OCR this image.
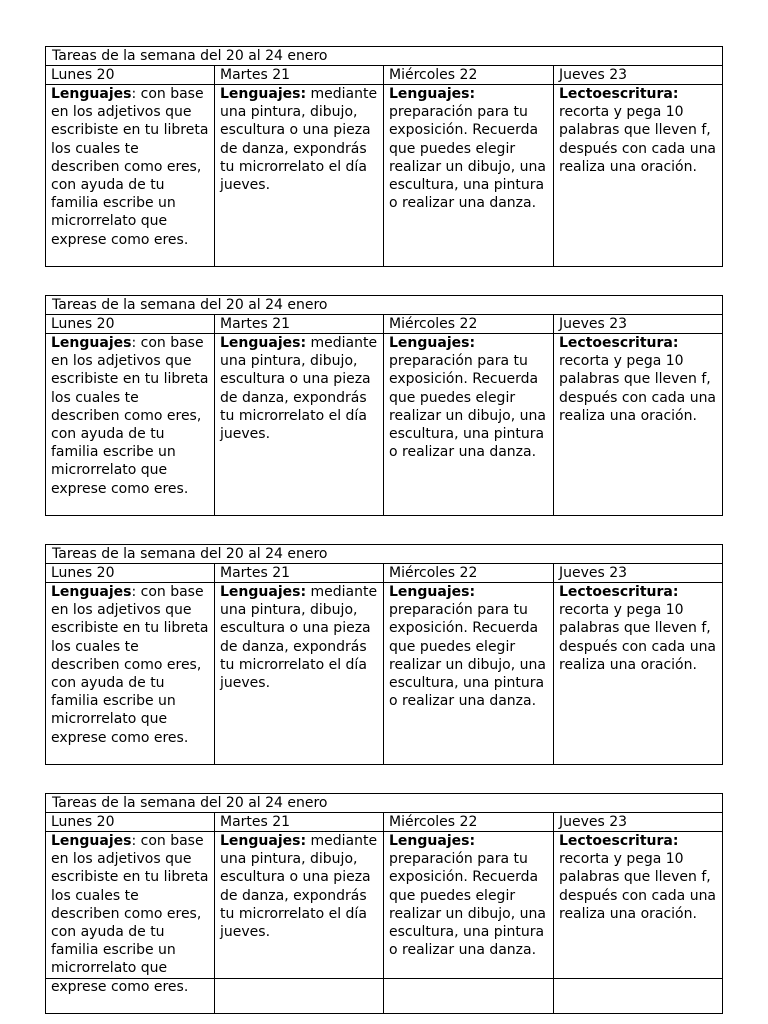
Tareas de la semana del 20 al 24 enero			
Lunes 20	Martes 21	Miércoles 22	Jueves 23
Lenguajes: con base en los adjetivos que escribiste en tu libreta los cuales te describen como eres, con ayuda de tu familia escribe un microrrelato que exprese como eres.	Lenguajes: mediante una pintura, dibujo, escultura o una pieza de danza, expondrás tu microrrelato el día jueves.	Lenguajes: preparación para tu exposición. Recuerda que puedes elegir realizar un dibujo, una escultura, una pintura o realizar una danza.	Lectoescritura: recorta y pega 10 palabras que lleven f, después con cada una realiza una oración.
Tareas de la semana del 20 al 24 enero			
Lunes 20	Martes 21	Miércoles 22	Jueves 23
Lenguajes: con base en los adjetivos que escribiste en tu libreta los cuales te describen como eres, con ayuda de tu familia escribe un microrrelato que exprese como eres.	Lenguajes: mediante una pintura, dibujo, escultura o una pieza de danza, expondrás tu microrrelato el día jueves.	Lenguajes: preparación para tu exposición. Recuerda que puedes elegir realizar un dibujo, una escultura, una pintura o realizar una danza.	Lectoescritura: recorta y pega 10 palabras que lleven f, después con cada una realiza una oración.
Tareas de la semana del 20 al 24 enero			
Lunes 20	Martes 21	Miércoles 22	Jueves 23
Lenguajes: con base en los adjetivos que escribiste en tu libreta los cuales te describen como eres, con ayuda de tu familia escribe un microrrelato que exprese como eres.	Lenguajes: mediante una pintura, dibujo, escultura o una pieza de danza, expondrás tu microrrelato el día jueves.	Lenguajes: preparación para tu exposición. Recuerda que puedes elegir realizar un dibujo, una escultura, una pintura o realizar una danza.	Lectoescritura: recorta y pega 10 palabras que lleven f, después con cada una realiza una oración.
Tareas de la semana del 20 al 24 enero			
Lunes 20	Martes 21	Miércoles 22	Jueves 23
Lenguajes: con base en los adjetivos que escribiste en tu libreta los cuales te describen como eres, con ayuda de tu familia escribe un microrrelato que exprese como eres.	Lenguajes: mediante una pintura, dibujo, escultura o una pieza de danza, expondrás tu microrrelato el día jueves.	Lenguajes: preparación para tu exposición. Recuerda que puedes elegir realizar un dibujo, una escultura, una pintura o realizar una danza.	Lectoescritura: recorta y pega 10 palabras que lleven f, después con cada una realiza una oración.
